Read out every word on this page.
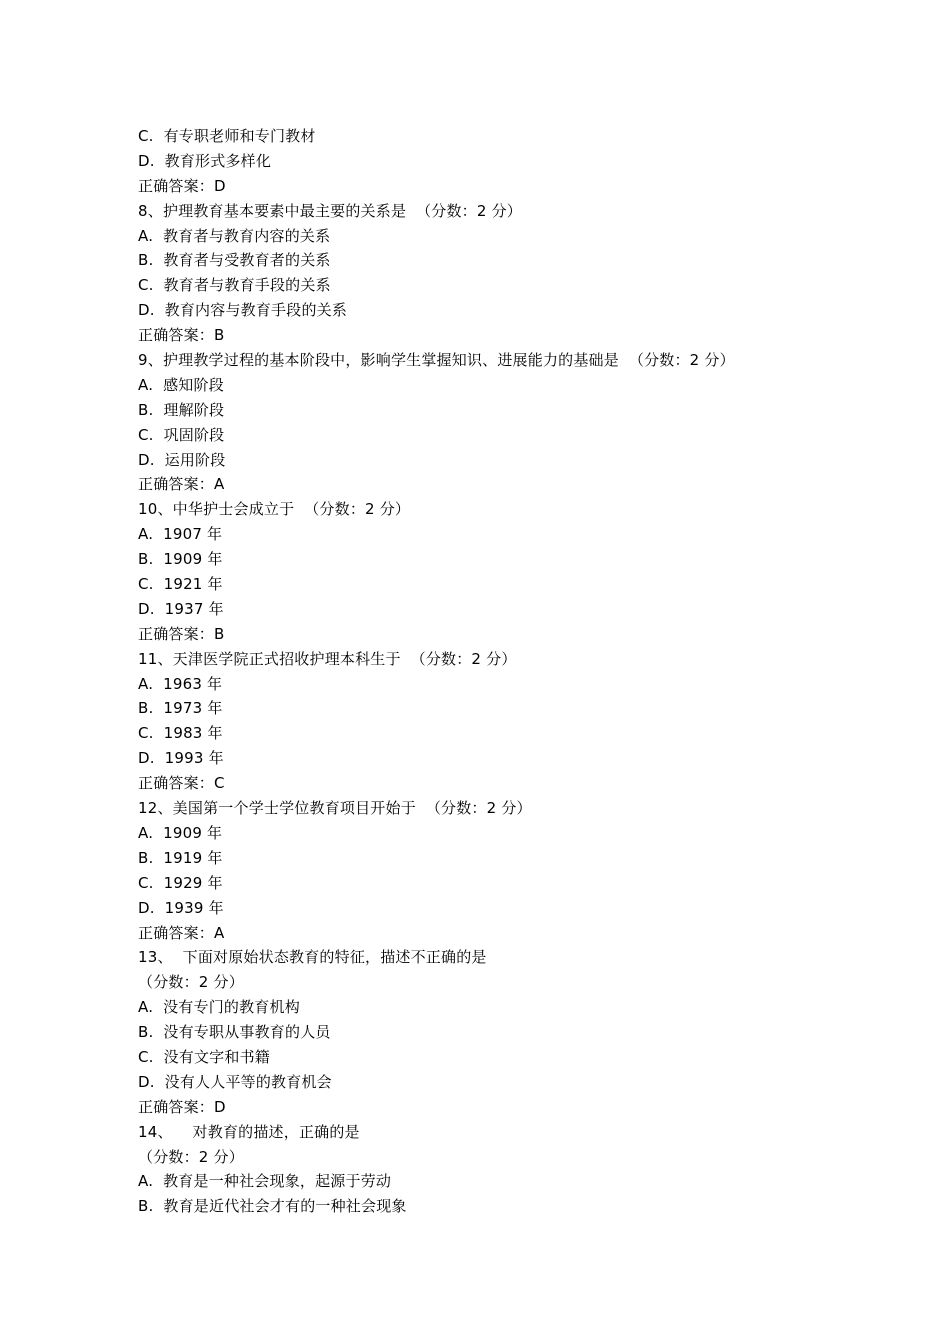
C.  有专职老师和专门教材
D.  教育形式多样化
正确答案：D
8、护理教育基本要素中最主要的关系是  （分数：2 分）
A.  教育者与教育内容的关系
B.  教育者与受教育者的关系
C.  教育者与教育手段的关系
D.  教育内容与教育手段的关系
正确答案：B
9、护理教学过程的基本阶段中，影响学生掌握知识、进展能力的基础是  （分数：2 分）
A.  感知阶段
B.  理解阶段
C.  巩固阶段
D.  运用阶段
正确答案：A
10、中华护士会成立于  （分数：2 分）
A.  1907 年
B.  1909 年
C.  1921 年
D.  1937 年
正确答案：B
11、天津医学院正式招收护理本科生于  （分数：2 分）
A.  1963 年
B.  1973 年
C.  1983 年
D.  1993 年
正确答案：C
12、美国第一个学士学位教育项目开始于  （分数：2 分）
A.  1909 年
B.  1919 年
C.  1929 年
D.  1939 年
正确答案：A
13、  下面对原始状态教育的特征，描述不正确的是
（分数：2 分）
A.  没有专门的教育机构
B.  没有专职从事教育的人员
C.  没有文字和书籍
D.  没有人人平等的教育机会
正确答案：D
14、    对教育的描述，正确的是
（分数：2 分）
A.  教育是一种社会现象，起源于劳动
B.  教育是近代社会才有的一种社会现象
